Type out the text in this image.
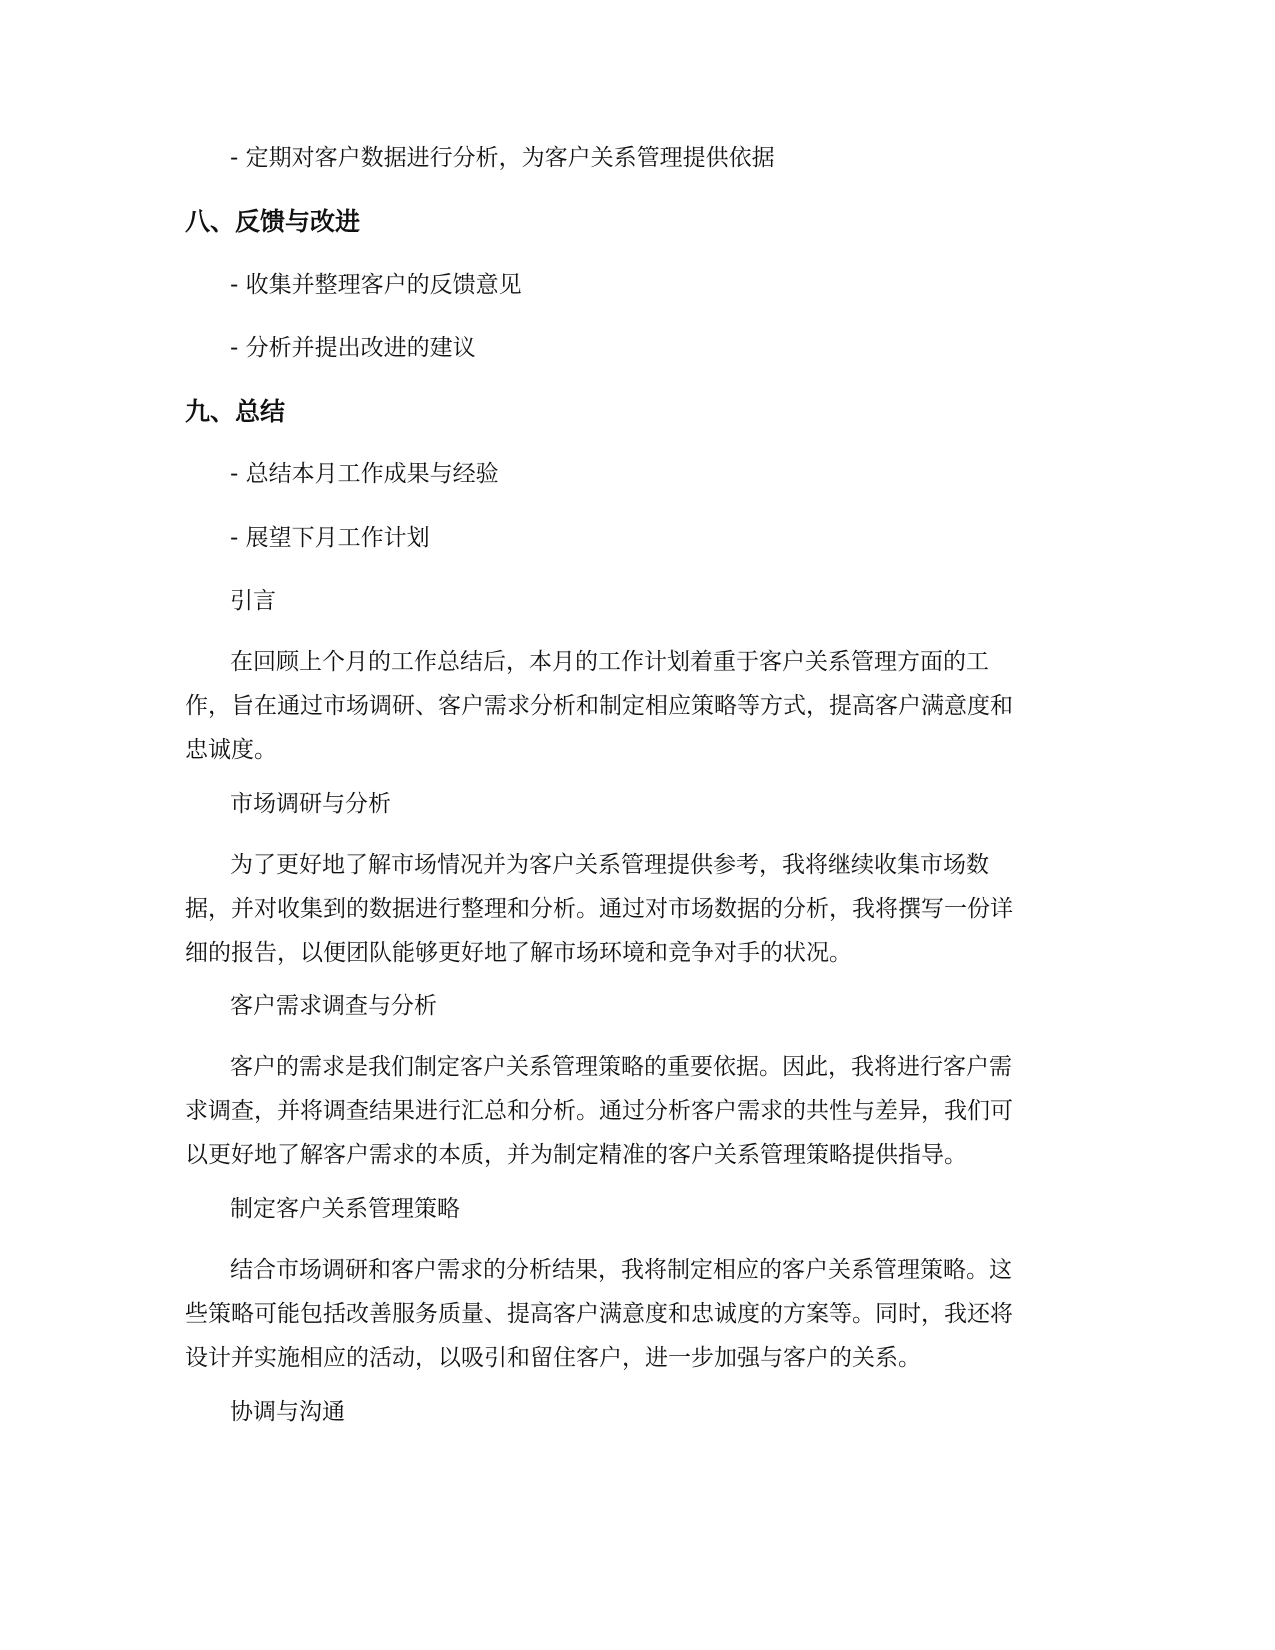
- 定期对客户数据进行分析，为客户关系管理提供依据

八、反馈与改进

- 收集并整理客户的反馈意见

- 分析并提出改进的建议

九、总结

- 总结本月工作成果与经验

- 展望下月工作计划

引言

在回顾上个月的工作总结后，本月的工作计划着重于客户关系管理方面的工
作，旨在通过市场调研、客户需求分析和制定相应策略等方式，提高客户满意度和
忠诚度。

市场调研与分析

为了更好地了解市场情况并为客户关系管理提供参考，我将继续收集市场数
据，并对收集到的数据进行整理和分析。通过对市场数据的分析，我将撰写一份详
细的报告，以便团队能够更好地了解市场环境和竞争对手的状况。

客户需求调查与分析

客户的需求是我们制定客户关系管理策略的重要依据。因此，我将进行客户需
求调查，并将调查结果进行汇总和分析。通过分析客户需求的共性与差异，我们可
以更好地了解客户需求的本质，并为制定精准的客户关系管理策略提供指导。

制定客户关系管理策略

结合市场调研和客户需求的分析结果，我将制定相应的客户关系管理策略。这
些策略可能包括改善服务质量、提高客户满意度和忠诚度的方案等。同时，我还将
设计并实施相应的活动，以吸引和留住客户，进一步加强与客户的关系。

协调与沟通
